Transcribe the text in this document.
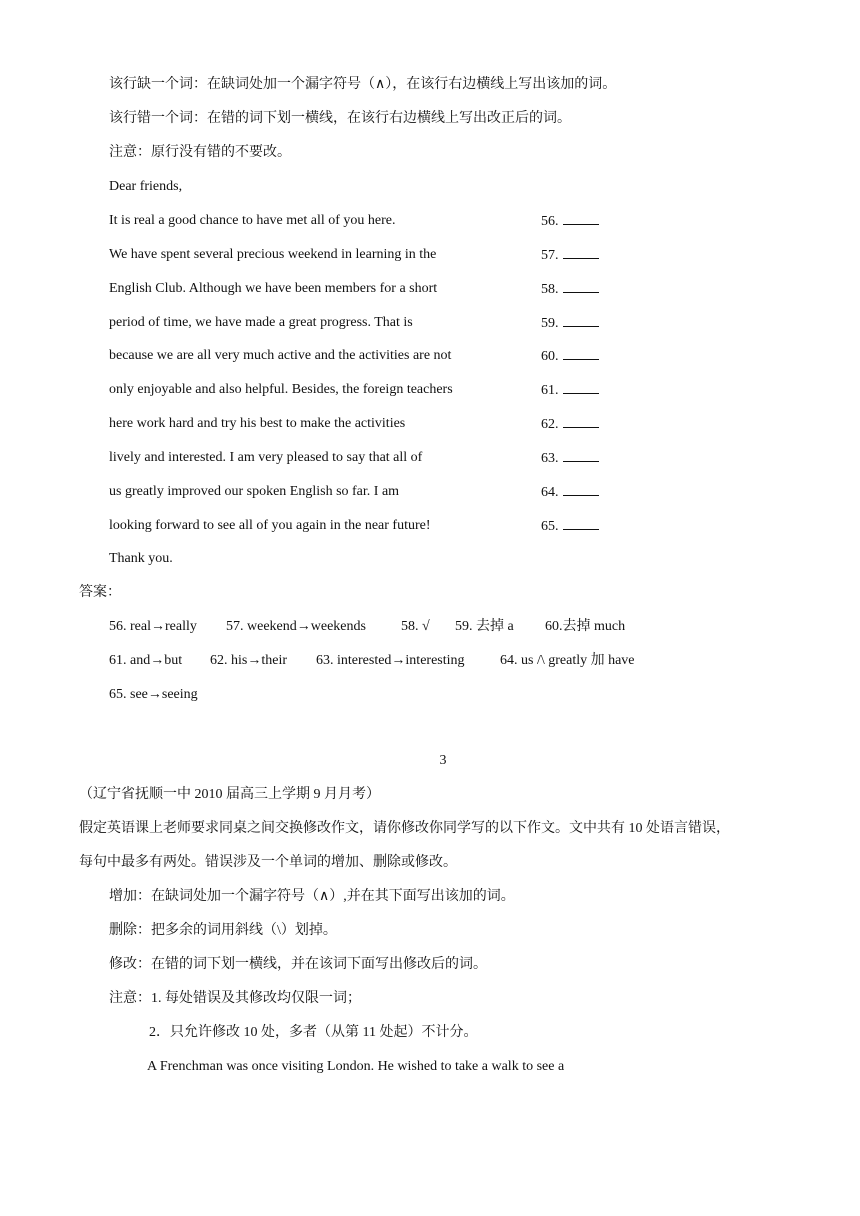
该行缺一个词：在缺词处加一个漏字符号（∧），在该行右边横线上写出该加的词。
该行错一个词：在错的词下划一横线，在该行右边横线上写出改正后的词。
注意：原行没有错的不要改。
Dear friends,
It is real a good chance to have met all of you here.	56.
We have spent several precious weekend in learning in the	57.
English Club. Although we have been members for a short	58.
period of time, we have made a great progress. That is	59.
because we are all very much active and the activities are not	60.
only enjoyable and also helpful. Besides, the foreign teachers	61.
here work hard and try his best to make the activities	62.
lively and interested. I am very pleased to say that all of	63.
us greatly improved our spoken English so far. I am	64.
looking forward to see all of you again in the near future!	65.
Thank you.
答案：
56. real→really 57. weekend→weekends	58. √ 59. 去掉 a 60.去掉 much
61. and→but 62. his→their 63. interested→interesting	64. us /\ greatly 加 have
65. see→seeing
3
（辽宁省抚顺一中 2010 届高三上学期 9 月月考）
假定英语课上老师要求同桌之间交换修改作文，请你修改你同学写的以下作文。文中共有 10 处语言错误，
每句中最多有两处。错误涉及一个单词的增加、删除或修改。
增加：在缺词处加一个漏字符号（∧）,并在其下面写出该加的词。
删除：把多余的词用斜线（\）划掉。
修改：在错的词下划一横线，并在该词下面写出修改后的词。
注意：1. 每处错误及其修改均仅限一词；
2．只允许修改 10 处，多者（从第 11 处起）不计分。
A Frenchman was once visiting London. He wished to take a walk to see a
